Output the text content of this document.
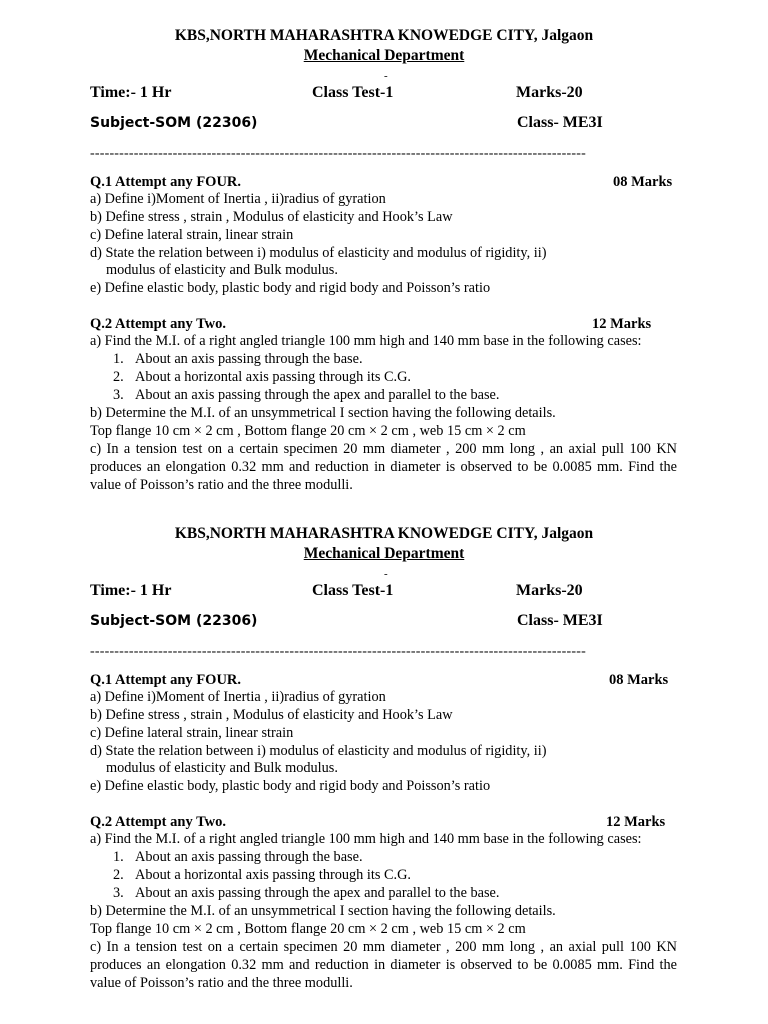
KBS,NORTH MAHARASHTRA KNOWEDGE CITY, Jalgaon
Mechanical Department
-
Time:- 1 Hr	Class Test-1	Marks-20
Subject-SOM (22306)	Class- ME3I
------------------------------------------------------------------------------------------------------
Q.1 Attempt any FOUR.	08 Marks
a) Define i)Moment of Inertia , ii)radius of gyration
b) Define stress , strain , Modulus of elasticity and Hook’s Law
c) Define lateral strain, linear strain
d) State the relation between i) modulus of elasticity and modulus of rigidity, ii)
modulus of elasticity and Bulk modulus.
e) Define elastic body, plastic body and rigid body and Poisson’s ratio
Q.2 Attempt any Two.	12 Marks
a) Find the M.I. of a right angled triangle 100 mm high and 140 mm base in the following cases:
1. About an axis passing through the base.
2. About a horizontal axis passing through its C.G.
3. About an axis passing through the apex and parallel to the base.
b) Determine the M.I. of an unsymmetrical I section having the following details.
Top flange 10 cm × 2 cm , Bottom flange 20 cm × 2 cm , web 15 cm × 2 cm
c) In a tension test on a certain specimen 20 mm diameter , 200 mm long , an axial pull 100 KN produces an elongation 0.32 mm and reduction in diameter is observed to be 0.0085 mm. Find the value of Poisson’s ratio and the three modulli.
KBS,NORTH MAHARASHTRA KNOWEDGE CITY, Jalgaon
Mechanical Department
-
Time:- 1 Hr	Class Test-1	Marks-20
Subject-SOM (22306)	Class- ME3I
------------------------------------------------------------------------------------------------------
Q.1 Attempt any FOUR.	08 Marks
a) Define i)Moment of Inertia , ii)radius of gyration
b) Define stress , strain , Modulus of elasticity and Hook’s Law
c) Define lateral strain, linear strain
d) State the relation between i) modulus of elasticity and modulus of rigidity, ii)
modulus of elasticity and Bulk modulus.
e) Define elastic body, plastic body and rigid body and Poisson’s ratio
Q.2 Attempt any Two.	12 Marks
a) Find the M.I. of a right angled triangle 100 mm high and 140 mm base in the following cases:
1. About an axis passing through the base.
2. About a horizontal axis passing through its C.G.
3. About an axis passing through the apex and parallel to the base.
b) Determine the M.I. of an unsymmetrical I section having the following details.
Top flange 10 cm × 2 cm , Bottom flange 20 cm × 2 cm , web 15 cm × 2 cm
c) In a tension test on a certain specimen 20 mm diameter , 200 mm long , an axial pull 100 KN produces an elongation 0.32 mm and reduction in diameter is observed to be 0.0085 mm. Find the value of Poisson’s ratio and the three modulli.
